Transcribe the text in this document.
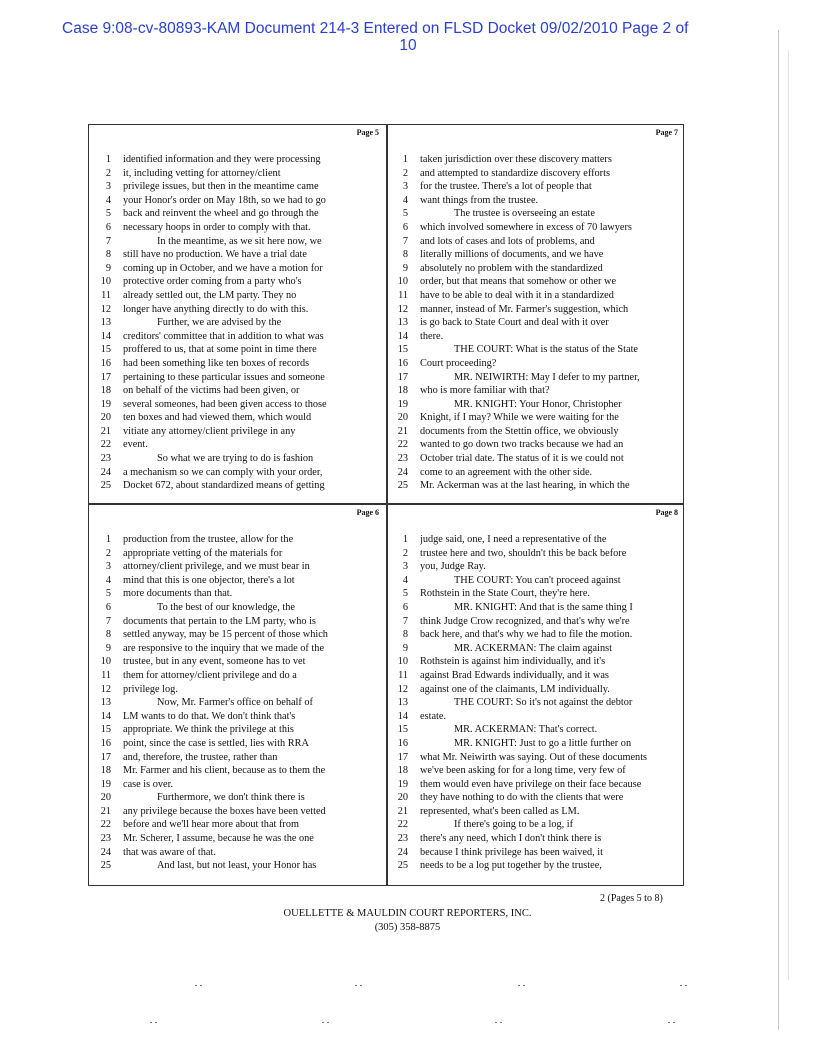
Case 9:08-cv-80893-KAM Document 214-3 Entered on FLSD Docket 09/02/2010 Page 2 of
10
Page 5
1 identified information and they were processing
2 it, including vetting for attorney/client
3 privilege issues, but then in the meantime came
4 your Honor's order on May 18th, so we had to go
5 back and reinvent the wheel and go through the
6 necessary hoops in order to comply with that.
7	In the meantime, as we sit here now, we
8 still have no production. We have a trial date
9 coming up in October, and we have a motion for
10 protective order coming from a party who's
11 already settled out, the LM party. They no
12 longer have anything directly to do with this.
13	Further, we are advised by the
14 creditors' committee that in addition to what was
15 proffered to us, that at some point in time there
16 had been something like ten boxes of records
17 pertaining to these particular issues and someone
18 on behalf of the victims had been given, or
19 several someones, had been given access to those
20 ten boxes and had viewed them, which would
21 vitiate any attorney/client privilege in any
22 event.
23	So what we are trying to do is fashion
24 a mechanism so we can comply with your order,
25 Docket 672, about standardized means of getting
Page 7
1 taken jurisdiction over these discovery matters
2 and attempted to standardize discovery efforts
3 for the trustee. There's a lot of people that
4 want things from the trustee.
5	The trustee is overseeing an estate
6 which involved somewhere in excess of 70 lawyers
7 and lots of cases and lots of problems, and
8 literally millions of documents, and we have
9 absolutely no problem with the standardized
10 order, but that means that somehow or other we
11 have to be able to deal with it in a standardized
12 manner, instead of Mr. Farmer's suggestion, which
13 is go back to State Court and deal with it over
14 there.
15	THE COURT: What is the status of the State
16 Court proceeding?
17	MR. NEIWIRTH: May I defer to my partner,
18 who is more familiar with that?
19	MR. KNIGHT: Your Honor, Christopher
20 Knight, if I may? While we were waiting for the
21 documents from the Stettin office, we obviously
22 wanted to go down two tracks because we had an
23 October trial date. The status of it is we could not
24 come to an agreement with the other side.
25 Mr. Ackerman was at the last hearing, in which the
Page 6
1 production from the trustee, allow for the
2 appropriate vetting of the materials for
3 attorney/client privilege, and we must bear in
4 mind that this is one objector, there's a lot
5 more documents than that.
6	To the best of our knowledge, the
7 documents that pertain to the LM party, who is
8 settled anyway, may be 15 percent of those which
9 are responsive to the inquiry that we made of the
10 trustee, but in any event, someone has to vet
11 them for attorney/client privilege and do a
12 privilege log.
13	Now, Mr. Farmer's office on behalf of
14 LM wants to do that. We don't think that's
15 appropriate. We think the privilege at this
16 point, since the case is settled, lies with RRA
17 and, therefore, the trustee, rather than
18 Mr. Farmer and his client, because as to them the
19 case is over.
20	Furthermore, we don't think there is
21 any privilege because the boxes have been vetted
22 before and we'll hear more about that from
23 Mr. Scherer, I assume, because he was the one
24 that was aware of that.
25	And last, but not least, your Honor has
Page 8
1 judge said, one, I need a representative of the
2 trustee here and two, shouldn't this be back before
3 you, Judge Ray.
4	THE COURT: You can't proceed against
5 Rothstein in the State Court, they're here.
6	MR. KNIGHT: And that is the same thing I
7 think Judge Crow recognized, and that's why we're
8 back here, and that's why we had to file the motion.
9	MR. ACKERMAN: The claim against
10 Rothstein is against him individually, and it's
11 against Brad Edwards individually, and it was
12 against one of the claimants, LM individually.
13	THE COURT: So it's not against the debtor
14 estate.
15	MR. ACKERMAN: That's correct.
16	MR. KNIGHT: Just to go a little further on
17 what Mr. Neiwirth was saying. Out of these documents
18 we've been asking for for a long time, very few of
19 them would even have privilege on their face because
20 they have nothing to do with the clients that were
21 represented, what's been called as LM.
22	If there's going to be a log, if
23 there's any need, which I don't think there is
24 because I think privilege has been waived, it
25 needs to be a log put together by the trustee,
2 (Pages 5 to 8)
OUELLETTE & MAULDIN COURT REPORTERS, INC.
(305) 358-8875
